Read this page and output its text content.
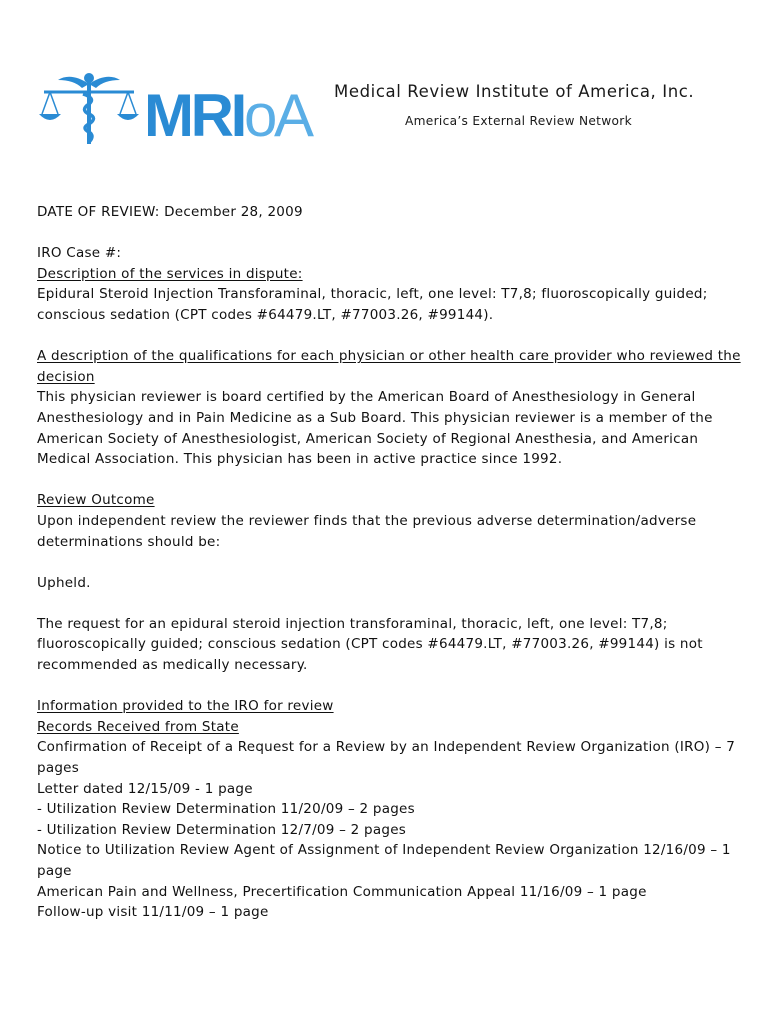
MRIoA Medical Review Institute of America, Inc.
America’s External Review Network

DATE OF REVIEW: December 28, 2009

IRO Case #:

Description of the services in dispute:

Epidural Steroid Injection Transforaminal, thoracic, left, one level: T7,8; fluoroscopically guided;

conscious sedation (CPT codes #64479.LT, #77003.26, #99144).

A description of the qualifications for each physician or other health care provider who reviewed the

decision

This physician reviewer is board certified by the American Board of Anesthesiology in General

Anesthesiology and in Pain Medicine as a Sub Board. This physician reviewer is a member of the

American Society of Anesthesiologist, American Society of Regional Anesthesia, and American

Medical Association. This physician has been in active practice since 1992.

Review Outcome

Upon independent review the reviewer finds that the previous adverse determination/adverse

determinations should be:

Upheld.

The request for an epidural steroid injection transforaminal, thoracic, left, one level: T7,8;

fluoroscopically guided; conscious sedation (CPT codes #64479.LT, #77003.26, #99144) is not

recommended as medically necessary.

Information provided to the IRO for review

Records Received from State

Confirmation of Receipt of a Request for a Review by an Independent Review Organization (IRO) – 7

pages

Letter dated 12/15/09 - 1 page

- Utilization Review Determination 11/20/09 – 2 pages

- Utilization Review Determination 12/7/09 – 2 pages

Notice to Utilization Review Agent of Assignment of Independent Review Organization 12/16/09 – 1

page

American Pain and Wellness, Precertification Communication Appeal 11/16/09 – 1 page

Follow-up visit 11/11/09 – 1 page
